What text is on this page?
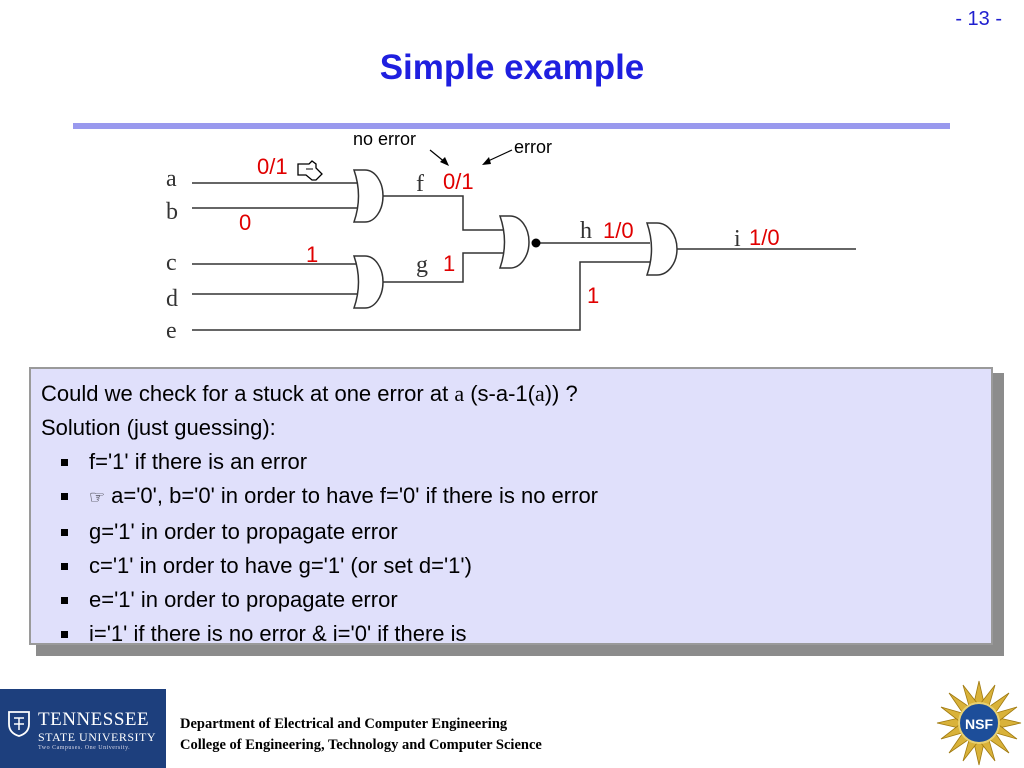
- 13 -
Simple example
no error	error
a
b
c
d
e
f
g
h	i
0/1
0
1
0/1
1
1/0	1/0
1
Could we check for a stuck at one error at a (s-a-1(a)) ?
Solution (just guessing):
f='1' if there is an error
☞ a='0', b='0' in order to have f='0' if there is no error
g='1' in order to propagate error
c='1' in order to have g='1' (or set d='1')
e='1' in order to propagate error
i='1' if there is no error & i='0' if there is
TENNESSEE
STATE UNIVERSITY
Two Campuses. One University.
Department of Electrical and Computer Engineering
College of Engineering, Technology and Computer Science
NSF
